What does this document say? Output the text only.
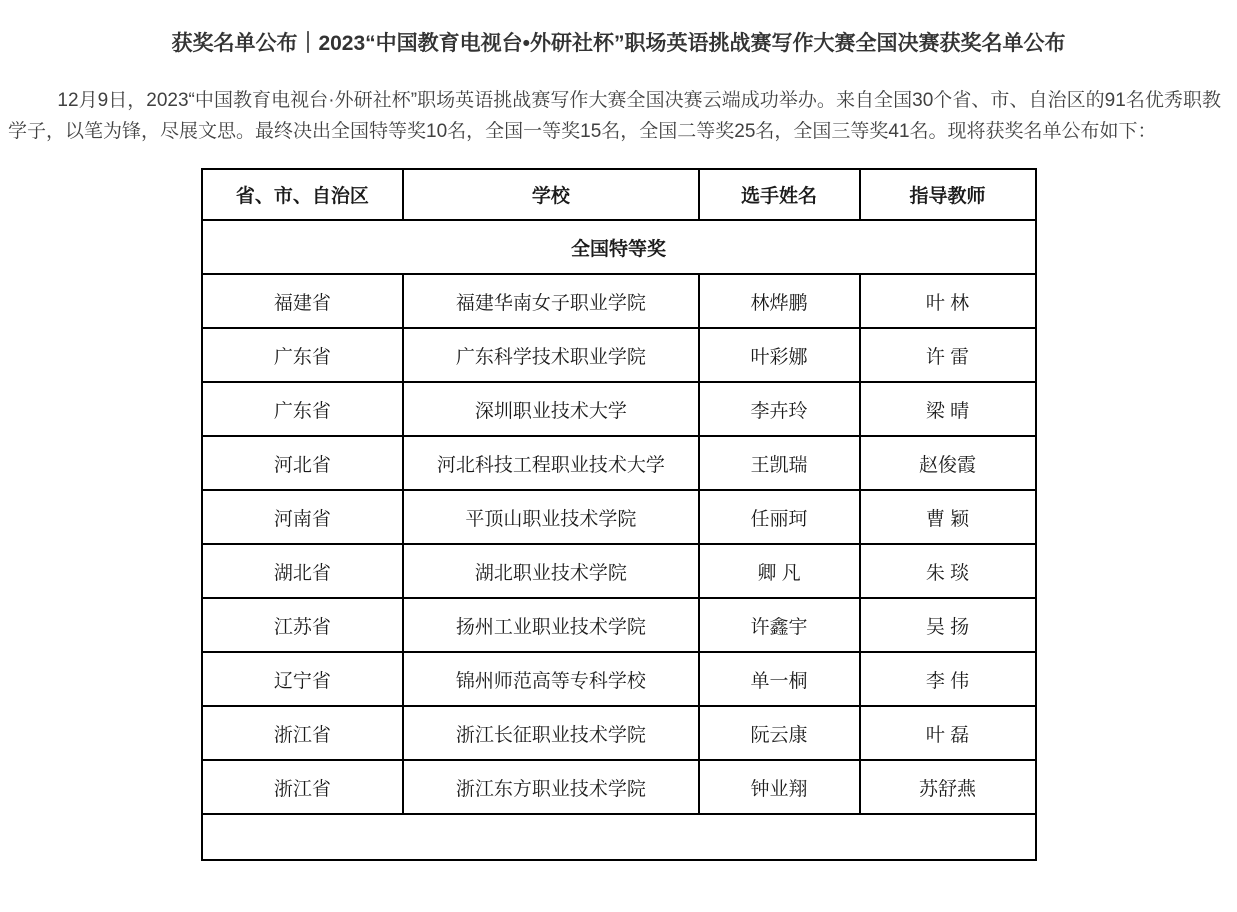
获奖名单公布｜2023“中国教育电视台•外研社杯”职场英语挑战赛写作大赛全国决赛获奖名单公布

12月9日，2023“中国教育电视台·外研社杯”职场英语挑战赛写作大赛全国决赛云端成功举办。来自全国30个省、市、自治区的91名优秀职教学子，以笔为锋，尽展文思。最终决出全国特等奖10名，全国一等奖15名，全国二等奖25名，全国三等奖41名。现将获奖名单公布如下：

省、市、自治区	学校	选手姓名	指导教师
全国特等奖			
福建省	福建华南女子职业学院	林烨鹏	叶 林
广东省	广东科学技术职业学院	叶彩娜	许 雷
广东省	深圳职业技术大学	李卉玲	梁 晴
河北省	河北科技工程职业技术大学	王凯瑞	赵俊霞
河南省	平顶山职业技术学院	任丽珂	曹 颖
湖北省	湖北职业技术学院	卿 凡	朱 琰
江苏省	扬州工业职业技术学院	许鑫宇	吴 扬
辽宁省	锦州师范高等专科学校	单一桐	李 伟
浙江省	浙江长征职业技术学院	阮云康	叶 磊
浙江省	浙江东方职业技术学院	钟业翔	苏舒燕
